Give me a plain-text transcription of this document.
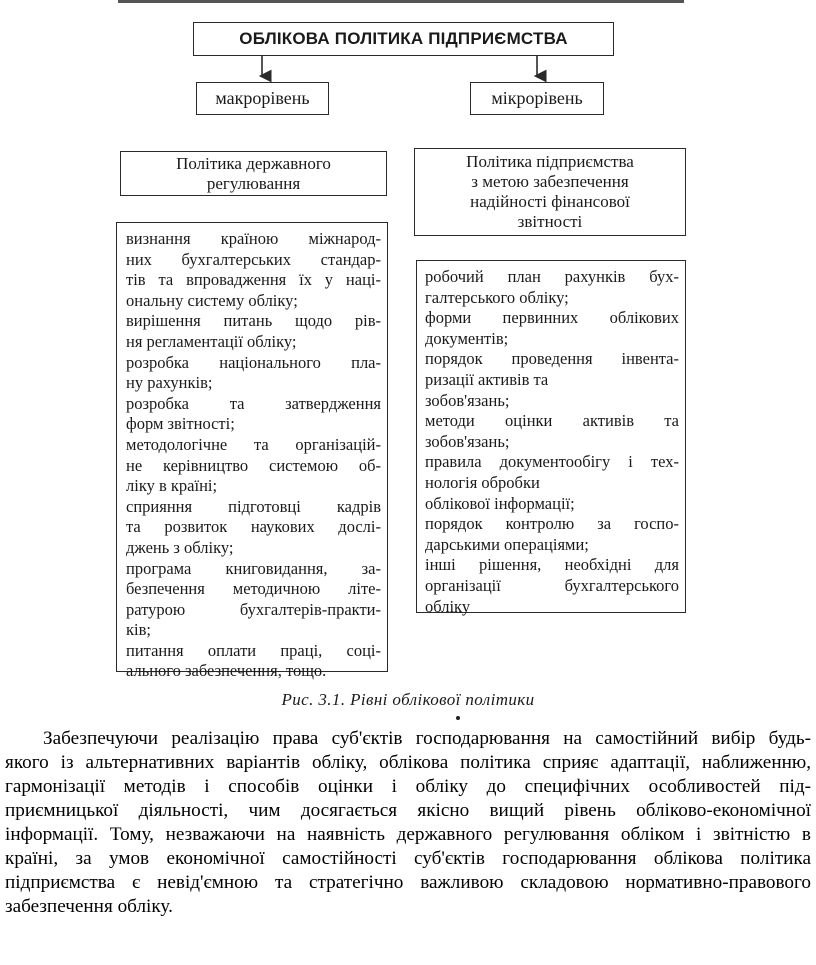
ОБЛІКОВА ПОЛІТИКА ПІДПРИЄМСТВА
макрорівень	мікрорівень
Політика державного
регулювання
Політика підприємства
з метою забезпечення
надійності фінансової
звітності
визнання країною міжнарод-
них бухгалтерських стандар-
тів та впровадження їх у наці-
ональну систему обліку;
вирішення питань щодо рів-
ня регламентації обліку;
розробка національного пла-
ну рахунків;
розробка та затвердження
форм звітності;
методологічне та організацій-
не керівництво системою об-
ліку в країні;
сприяння підготовці кадрів
та розвиток наукових дослі-
джень з обліку;
програма книговидання, за-
безпечення методичною літе-
ратурою бухгалтерів-практи-
ків;
питання оплати праці, соці-
ального забезпечення, тощо.
робочий план рахунків бух-
галтерського обліку;
форми первинних облікових
документів;
порядок проведення інвента-
ризації активів та
зобов'язань;
методи оцінки активів та
зобов'язань;
правила документообігу і тех-
нологія обробки
облікової інформації;
порядок контролю за госпо-
дарськими операціями;
інші рішення, необхідні для
організації бухгалтерського
обліку
Рис. 3.1. Рівні облікової політики
Забезпечуючи реалізацію права суб'єктів господарювання на самостійний вибір будь-
якого із альтернативних варіантів обліку, облікова політика сприяє адаптації, наближенню,
гармонізації методів і способів оцінки і обліку до специфічних особливостей під-
приємницької діяльності, чим досягається якісно вищий рівень обліково-економічної
інформації. Тому, незважаючи на наявність державного регулювання обліком і звітністю в
країні, за умов економічної самостійності суб'єктів господарювання облікова політика
підприємства є невід'ємною та стратегічно важливою складовою нормативно-правового
забезпечення обліку.
